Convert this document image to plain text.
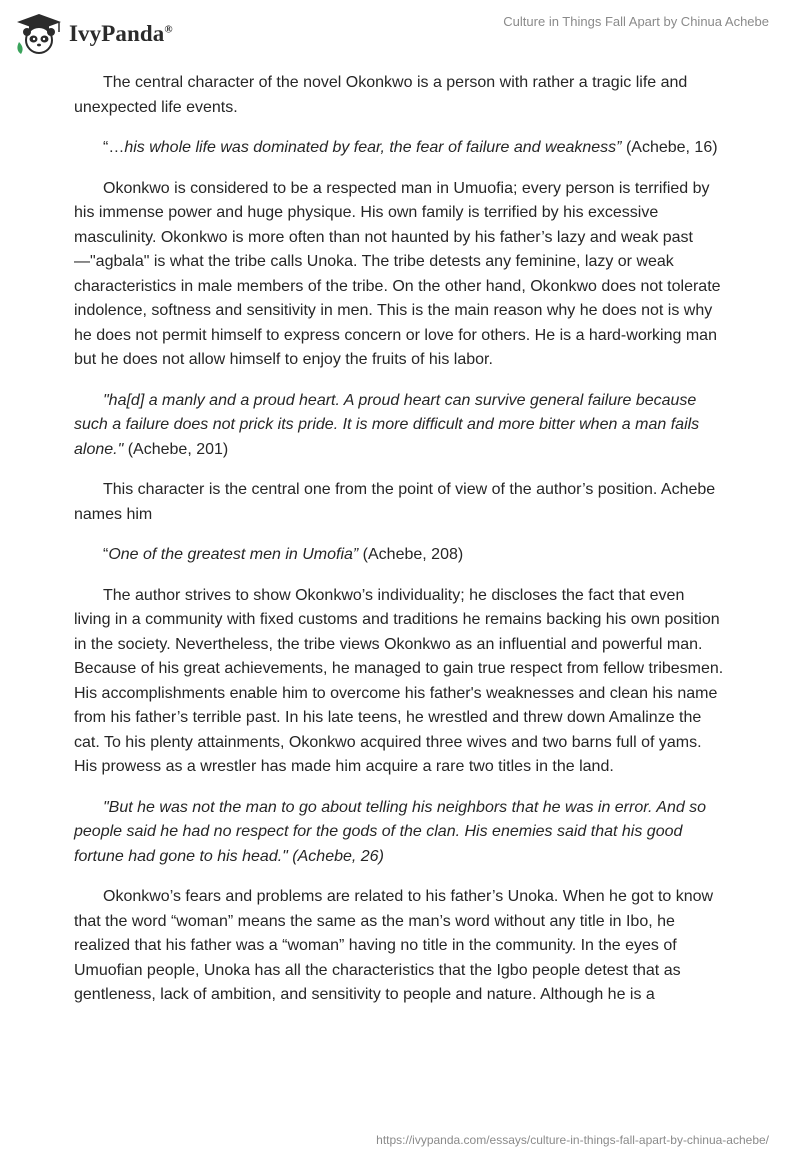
IvyPanda®
Culture in Things Fall Apart by Chinua Achebe

The central character of the novel Okonkwo is a person with rather a tragic life and unexpected life events.

“…his whole life was dominated by fear, the fear of failure and weakness” (Achebe, 16)

Okonkwo is considered to be a respected man in Umuofia; every person is terrified by his immense power and huge physique. His own family is terrified by his excessive masculinity. Okonkwo is more often than not haunted by his father’s lazy and weak past —"agbala" is what the tribe calls Unoka. The tribe detests any feminine, lazy or weak characteristics in male members of the tribe. On the other hand, Okonkwo does not tolerate indolence, softness and sensitivity in men. This is the main reason why he does not is why he does not permit himself to express concern or love for others. He is a hard-working man but he does not allow himself to enjoy the fruits of his labor.

"ha[d] a manly and a proud heart. A proud heart can survive general failure because such a failure does not prick its pride. It is more difficult and more bitter when a man fails alone." (Achebe, 201)

This character is the central one from the point of view of the author’s position. Achebe names him

“One of the greatest men in Umofia” (Achebe, 208)

The author strives to show Okonkwo’s individuality; he discloses the fact that even living in a community with fixed customs and traditions he remains backing his own position in the society. Nevertheless, the tribe views Okonkwo as an influential and powerful man. Because of his great achievements, he managed to gain true respect from fellow tribesmen. His accomplishments enable him to overcome his father's weaknesses and clean his name from his father’s terrible past. In his late teens, he wrestled and threw down Amalinze the cat. To his plenty attainments, Okonkwo acquired three wives and two barns full of yams. His prowess as a wrestler has made him acquire a rare two titles in the land.

"But he was not the man to go about telling his neighbors that he was in error. And so people said he had no respect for the gods of the clan. His enemies said that his good fortune had gone to his head." (Achebe, 26)

Okonkwo’s fears and problems are related to his father’s Unoka. When he got to know that the word “woman” means the same as the man’s word without any title in Ibo, he realized that his father was a “woman” having no title in the community. In the eyes of Umuofian people, Unoka has all the characteristics that the Igbo people detest that as gentleness, lack of ambition, and sensitivity to people and nature. Although he is a

https://ivypanda.com/essays/culture-in-things-fall-apart-by-chinua-achebe/
